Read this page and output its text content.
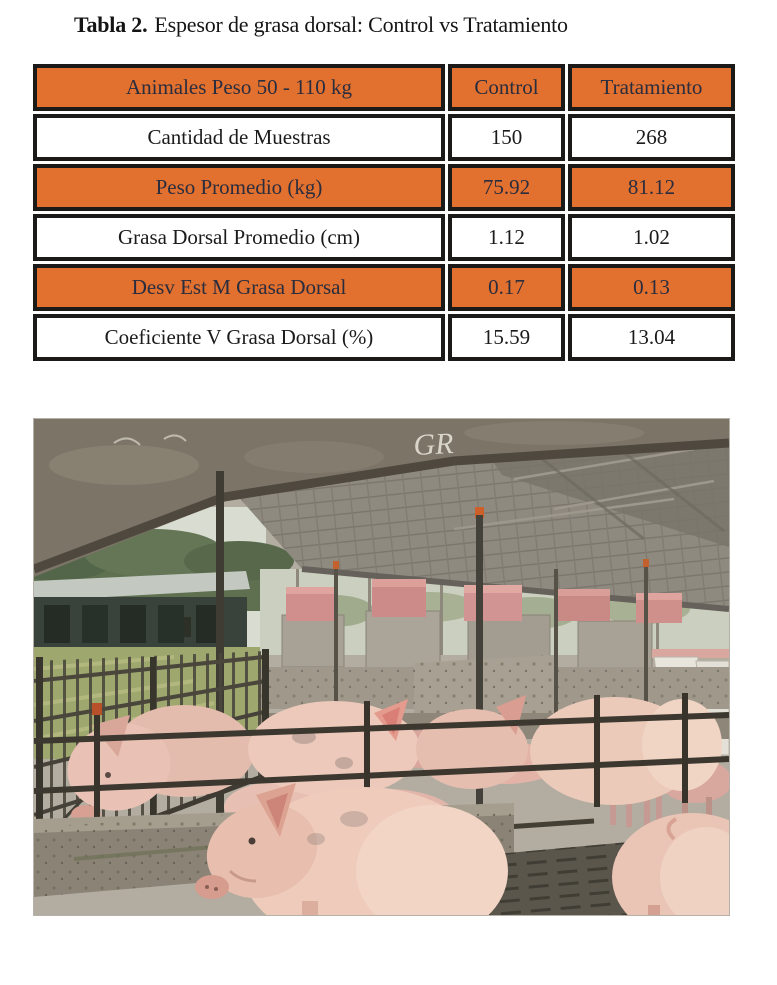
Tabla 2. Espesor de grasa dorsal: Control vs Tratamiento
Animales Peso 50 - 110 kg	Control	Tratamiento
Cantidad de Muestras	150	268
Peso Promedio (kg)	75.92	81.12
Grasa Dorsal Promedio (cm)	1.12	1.02
Desv Est M Grasa Dorsal	0.17	0.13
Coeficiente V Grasa Dorsal (%)	15.59	13.04
GR
